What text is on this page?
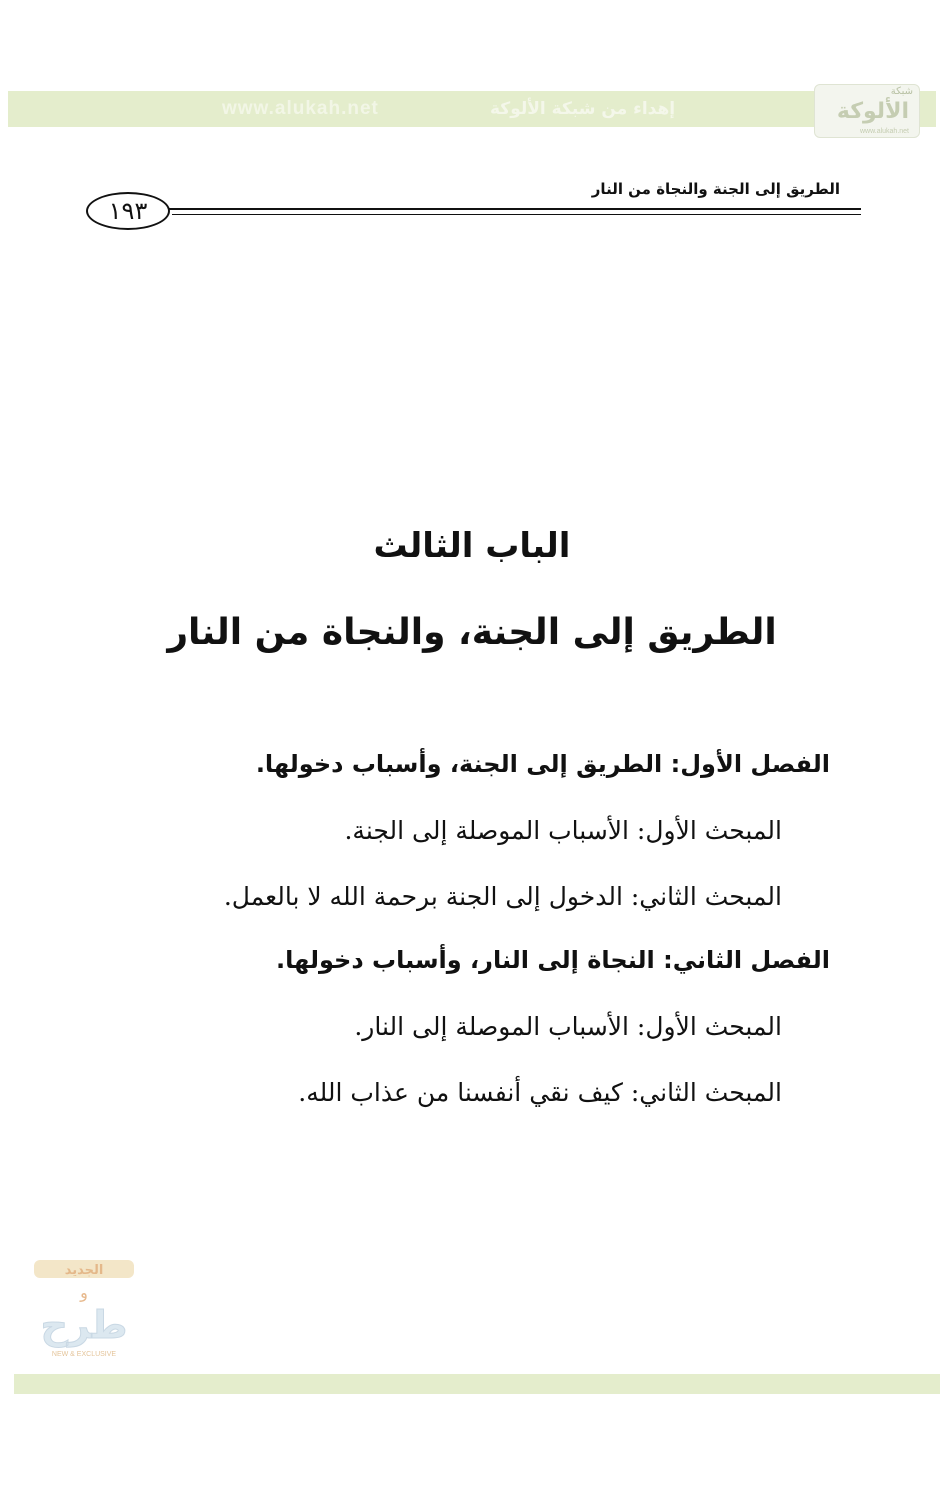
www.alukah.net	إهداء من شبكة الألوكة
شبكة
الألوكة
www.alukah.net
الطريق إلى الجنة والنجاة من النار
١٩٣
الباب الثالث
الطريق إلى الجنة، والنجاة من النار
الفصل الأول: الطريق إلى الجنة، وأسباب دخولها.
المبحث الأول: الأسباب الموصلة إلى الجنة.
المبحث الثاني: الدخول إلى الجنة برحمة الله لا بالعمل.
الفصل الثاني: النجاة إلى النار، وأسباب دخولها.
المبحث الأول: الأسباب الموصلة إلى النار.
المبحث الثاني: كيف نقي أنفسنا من عذاب الله.
الجديد
و
طرح
NEW & EXCLUSIVE
